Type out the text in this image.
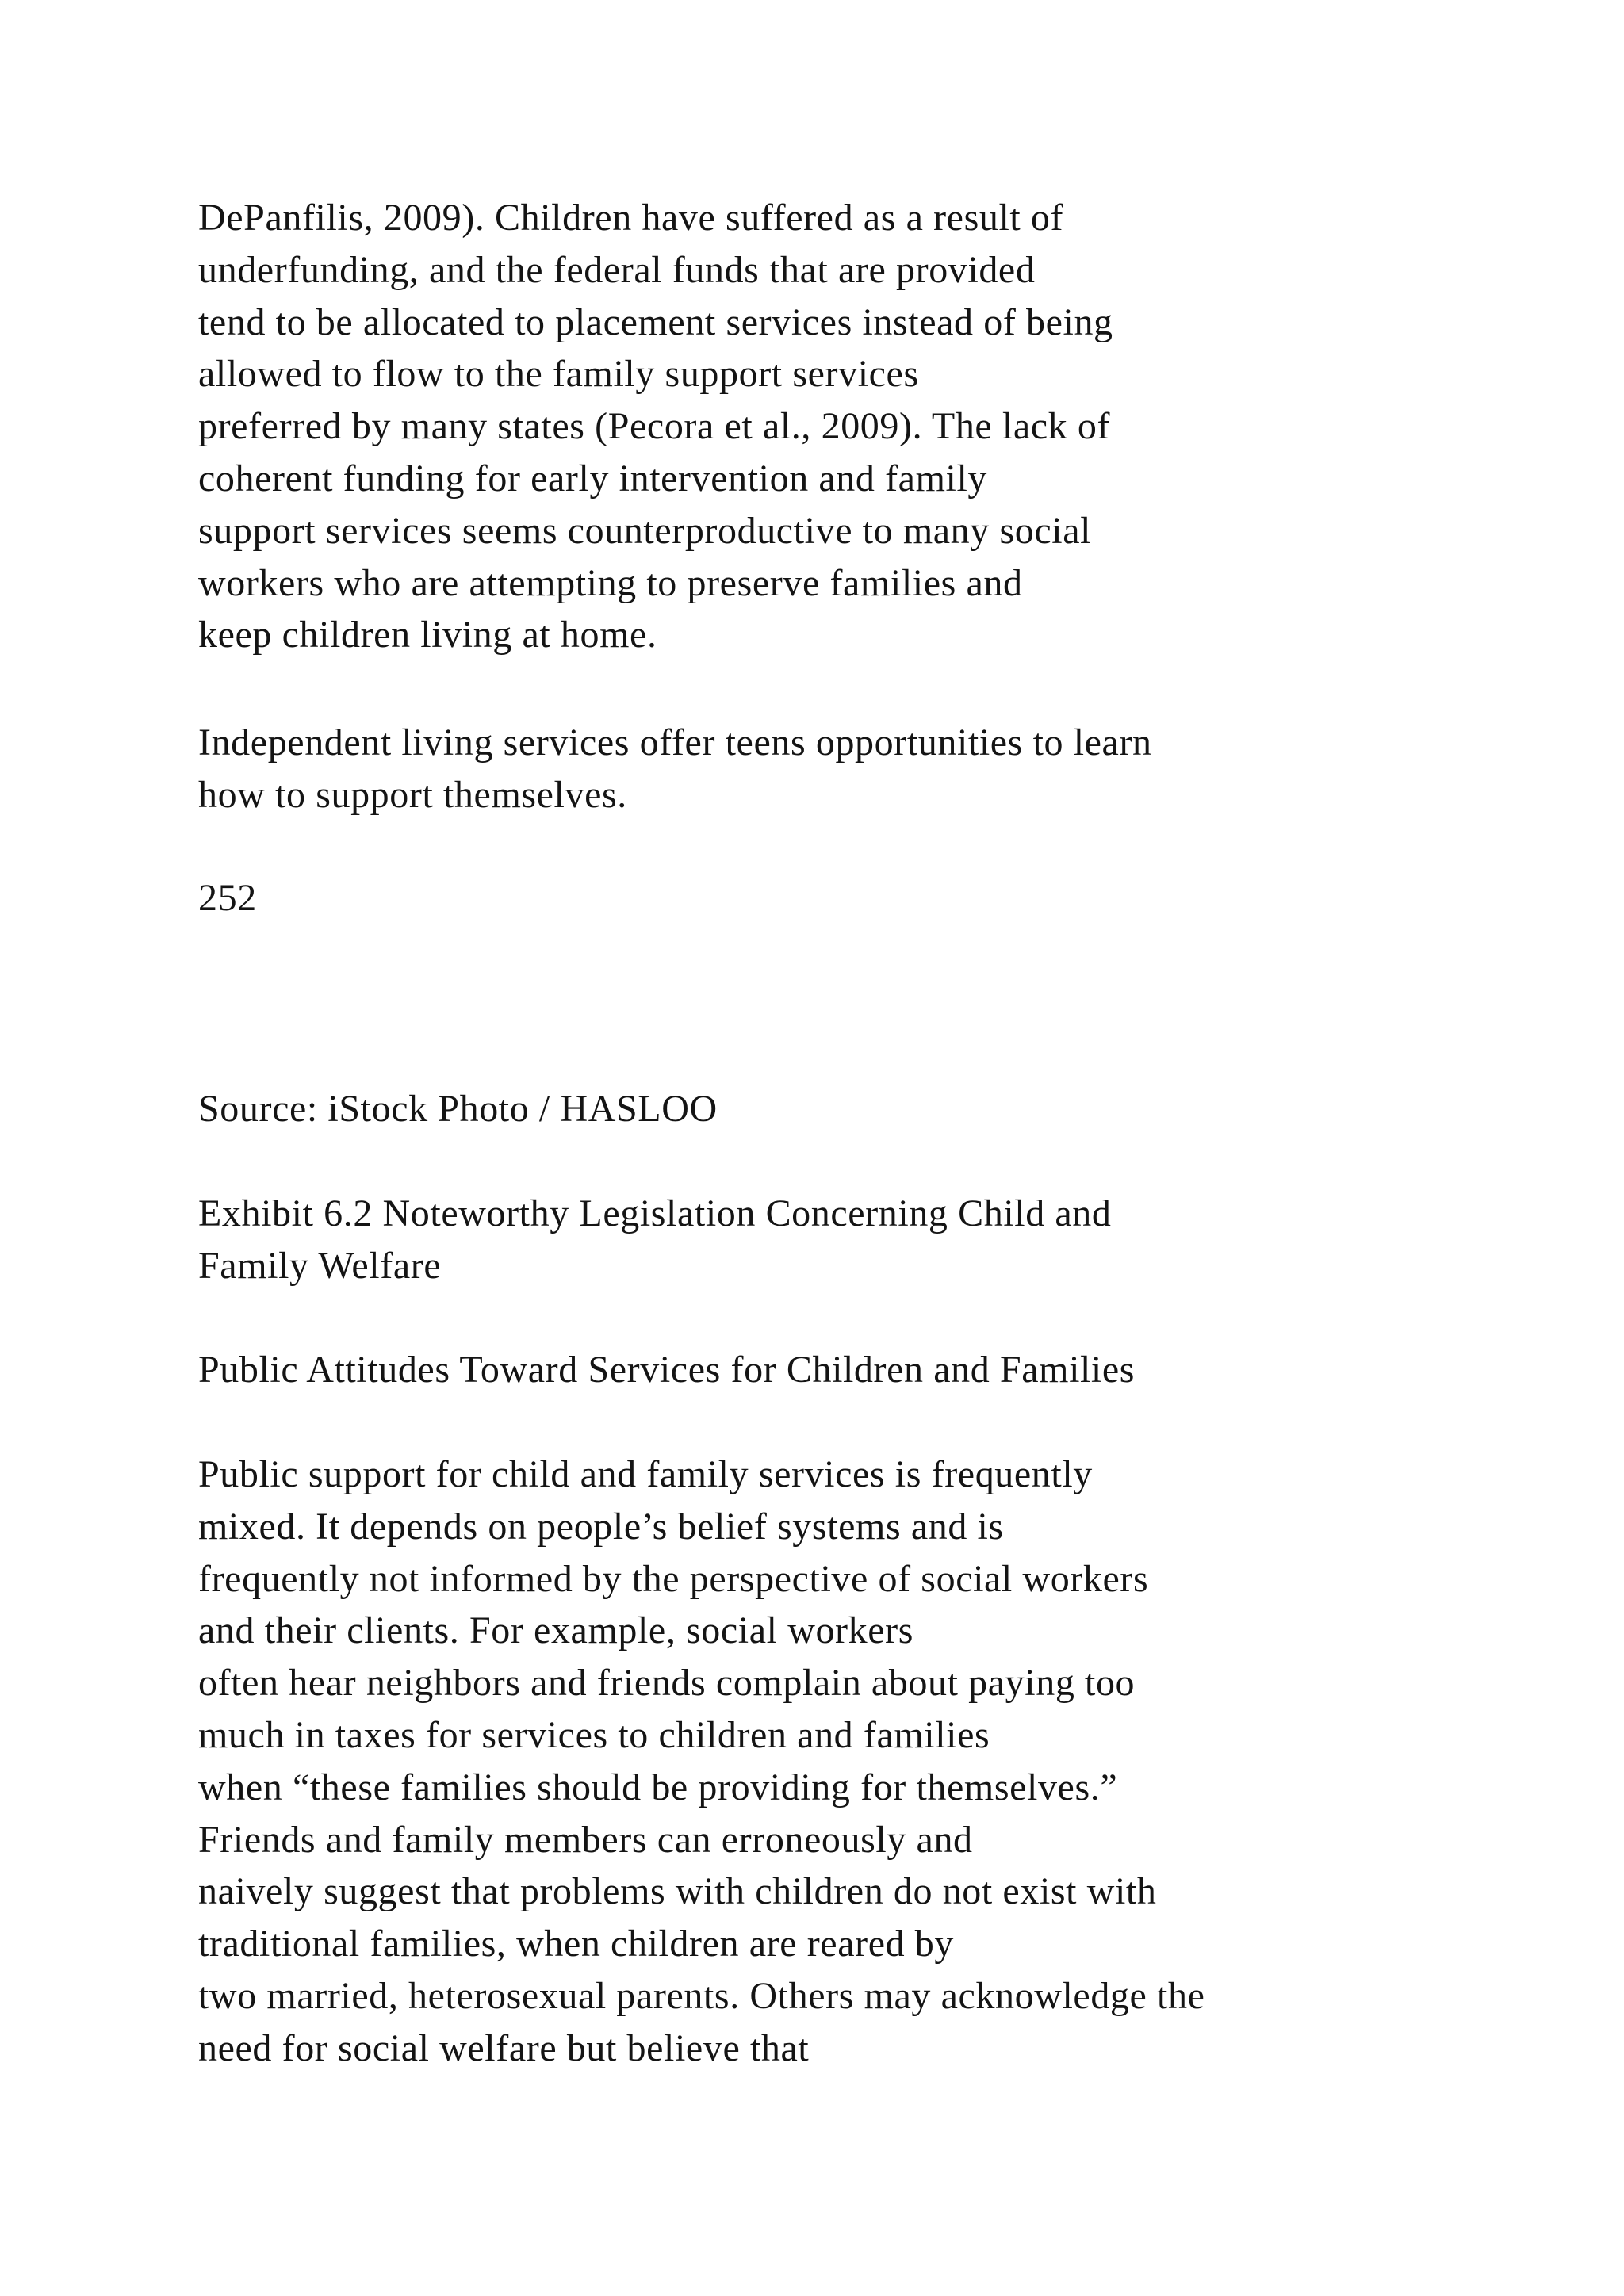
DePanfilis, 2009). Children have suffered as a result of
underfunding, and the federal funds that are provided
tend to be allocated to placement services instead of being
allowed to flow to the family support services
preferred by many states (Pecora et al., 2009). The lack of
coherent funding for early intervention and family
support services seems counterproductive to many social
workers who are attempting to preserve families and
keep children living at home.
Independent living services offer teens opportunities to learn
how to support themselves.
252
Source: iStock Photo / HASLOO
Exhibit 6.2 Noteworthy Legislation Concerning Child and
Family Welfare
Public Attitudes Toward Services for Children and Families
Public support for child and family services is frequently
mixed. It depends on people’s belief systems and is
frequently not informed by the perspective of social workers
and their clients. For example, social workers
often hear neighbors and friends complain about paying too
much in taxes for services to children and families
when “these families should be providing for themselves.”
Friends and family members can erroneously and
naively suggest that problems with children do not exist with
traditional families, when children are reared by
two married, heterosexual parents. Others may acknowledge the
need for social welfare but believe that
